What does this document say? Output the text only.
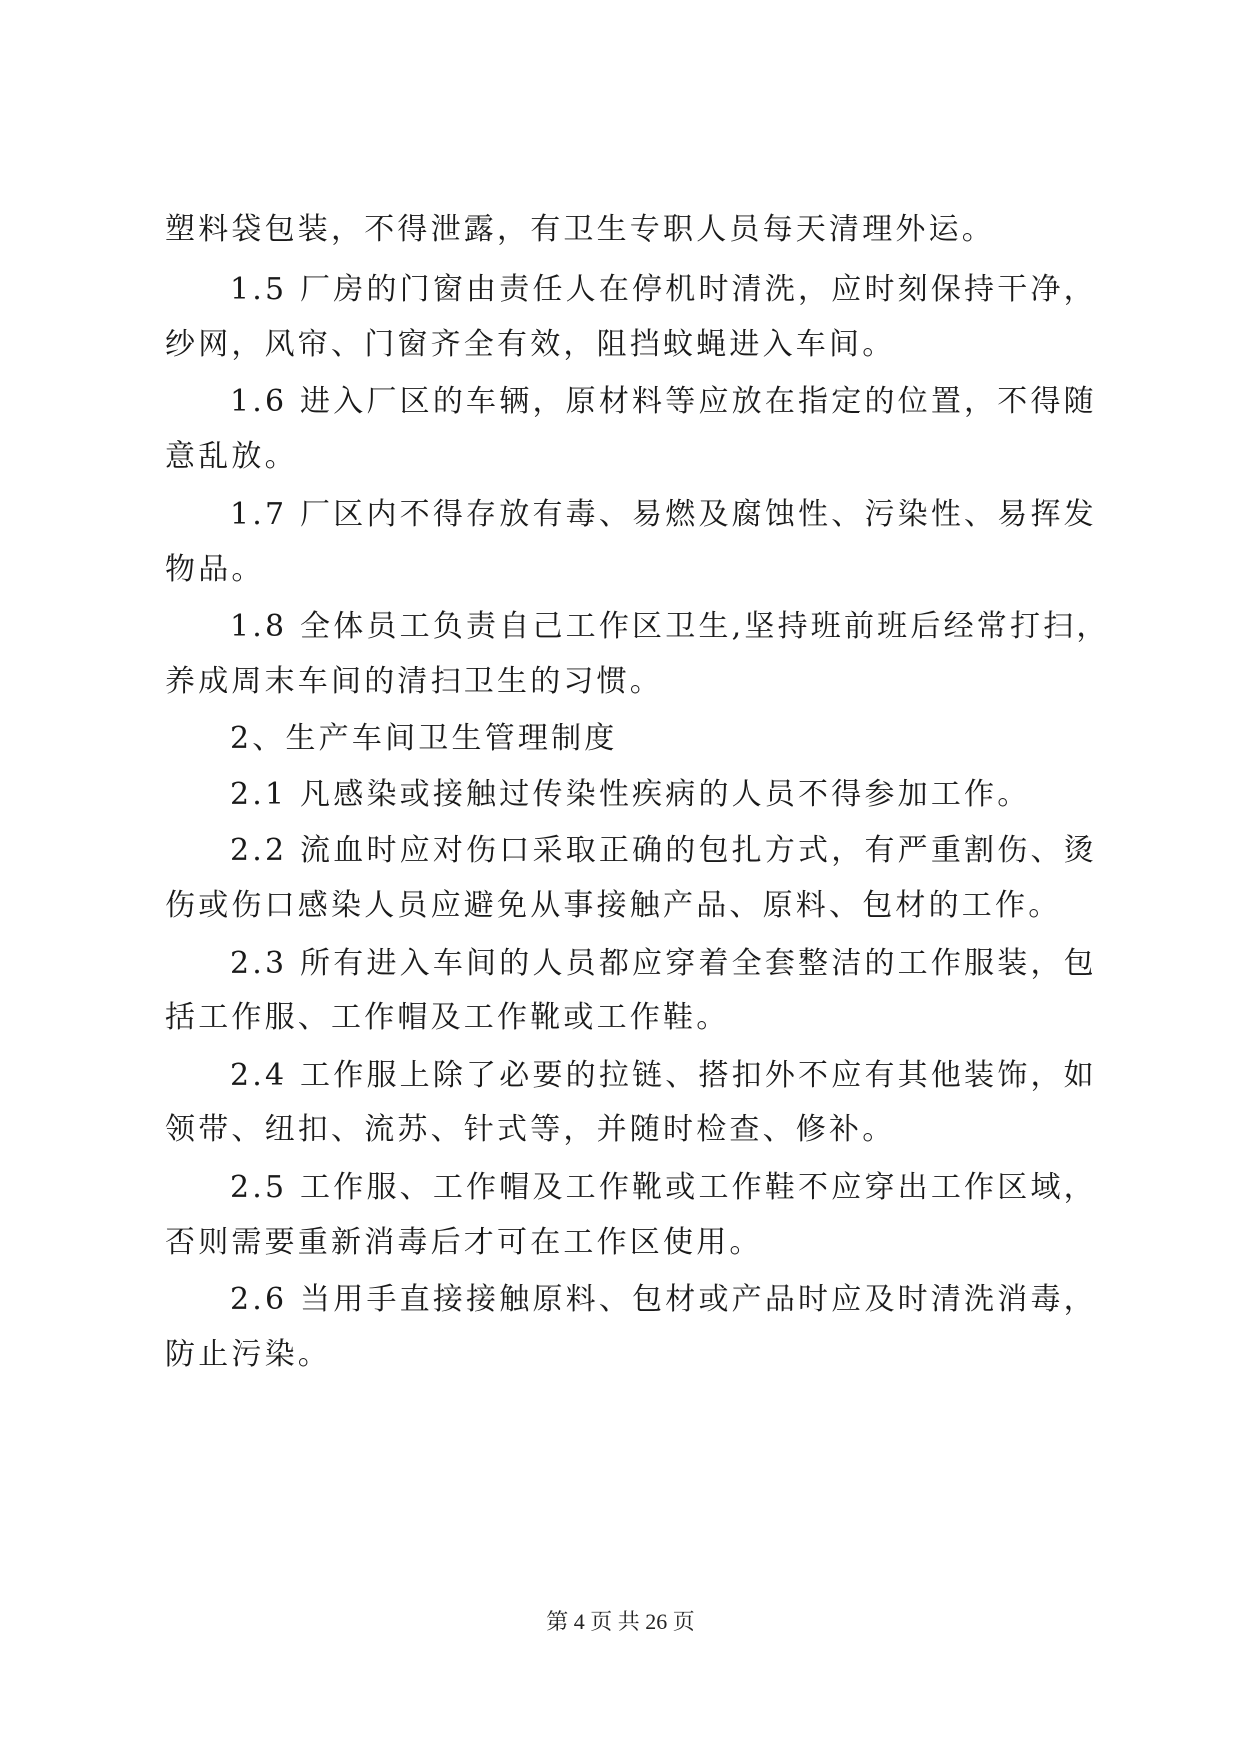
塑料袋包装，不得泄露，有卫生专职人员每天清理外运。
1.5 厂房的门窗由责任人在停机时清洗，应时刻保持干净，
纱网，风帘、门窗齐全有效，阻挡蚊蝇进入车间。
1.6 进入厂区的车辆，原材料等应放在指定的位置，不得随
意乱放。
1.7 厂区内不得存放有毒、易燃及腐蚀性、污染性、易挥发
物品。
1.8 全体员工负责自己工作区卫生,坚持班前班后经常打扫，
养成周末车间的清扫卫生的习惯。
2、生产车间卫生管理制度
2.1 凡感染或接触过传染性疾病的人员不得参加工作。
2.2 流血时应对伤口采取正确的包扎方式，有严重割伤、烫
伤或伤口感染人员应避免从事接触产品、原料、包材的工作。
2.3 所有进入车间的人员都应穿着全套整洁的工作服装，包
括工作服、工作帽及工作靴或工作鞋。
2.4 工作服上除了必要的拉链、搭扣外不应有其他装饰，如
领带、纽扣、流苏、针式等，并随时检查、修补。
2.5 工作服、工作帽及工作靴或工作鞋不应穿出工作区域，
否则需要重新消毒后才可在工作区使用。
2.6 当用手直接接触原料、包材或产品时应及时清洗消毒，
防止污染。
第 4 页 共 26 页
